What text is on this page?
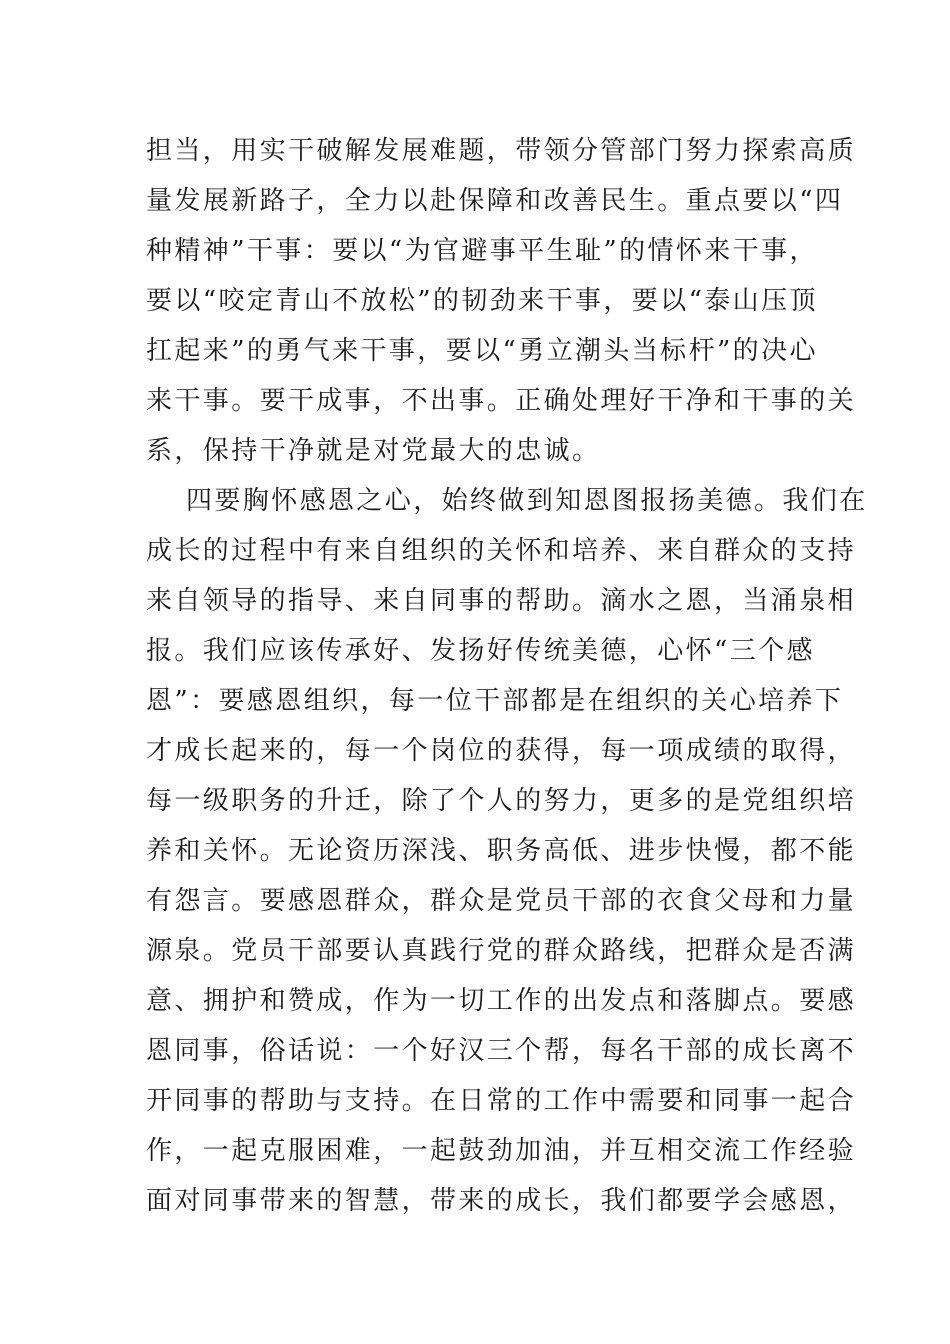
担当，用实干破解发展难题，带领分管部门努力探索高质
量发展新路子，全力以赴保障和改善民生。重点要以“四
种精神”干事：要以“为官避事平生耻”的情怀来干事，
要以“咬定青山不放松”的韧劲来干事，要以“泰山压顶
扛起来”的勇气来干事，要以“勇立潮头当标杆”的决心
来干事。要干成事，不出事。正确处理好干净和干事的关
系，保持干净就是对党最大的忠诚。
四要胸怀感恩之心，始终做到知恩图报扬美德。我们在
成长的过程中有来自组织的关怀和培养、来自群众的支持
来自领导的指导、来自同事的帮助。滴水之恩，当涌泉相
报。我们应该传承好、发扬好传统美德，心怀“三个感
恩”：要感恩组织，每一位干部都是在组织的关心培养下
才成长起来的，每一个岗位的获得，每一项成绩的取得，
每一级职务的升迁，除了个人的努力，更多的是党组织培
养和关怀。无论资历深浅、职务高低、进步快慢，都不能
有怨言。要感恩群众，群众是党员干部的衣食父母和力量
源泉。党员干部要认真践行党的群众路线，把群众是否满
意、拥护和赞成，作为一切工作的出发点和落脚点。要感
恩同事，俗话说：一个好汉三个帮，每名干部的成长离不
开同事的帮助与支持。在日常的工作中需要和同事一起合
作，一起克服困难，一起鼓劲加油，并互相交流工作经验
面对同事带来的智慧，带来的成长，我们都要学会感恩，
